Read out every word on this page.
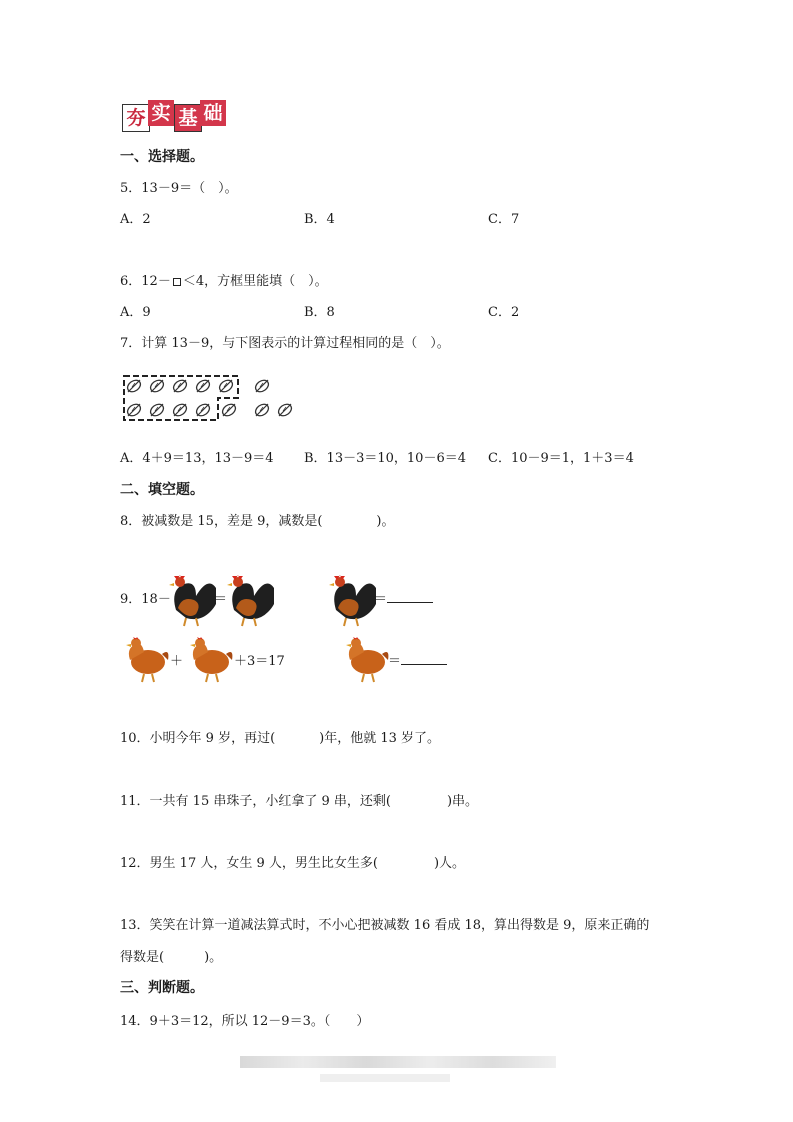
夯 实 基 础
一、选择题。
5．13－9＝（　）。
A．2	B．4	C．7
6．12－ ＜4，方框里能填（　）。
A．9	B．8	C．2
7．计算 13－9，与下图表示的计算过程相同的是（　）。
A．4＋9＝13，13－9＝4 B．13－3＝10，10－6＝4 C．10－9＝1，1＋3＝4
二、填空题。
8．被减数是 15，差是 9，减数是(	)。
9．18－	＝	＝
＋	＋3＝17	＝
10．小明今年 9 岁，再过(	)年，他就 13 岁了。
11．一共有 15 串珠子，小红拿了 9 串，还剩(	)串。
12．男生 17 人，女生 9 人，男生比女生多(	)人。
13．笑笑在计算一道减法算式时，不小心把被减数 16 看成 18，算出得数是 9，原来正确的
得数是(	)。
三、判断题。
14．9＋3＝12，所以 12－9＝3。（　　）
